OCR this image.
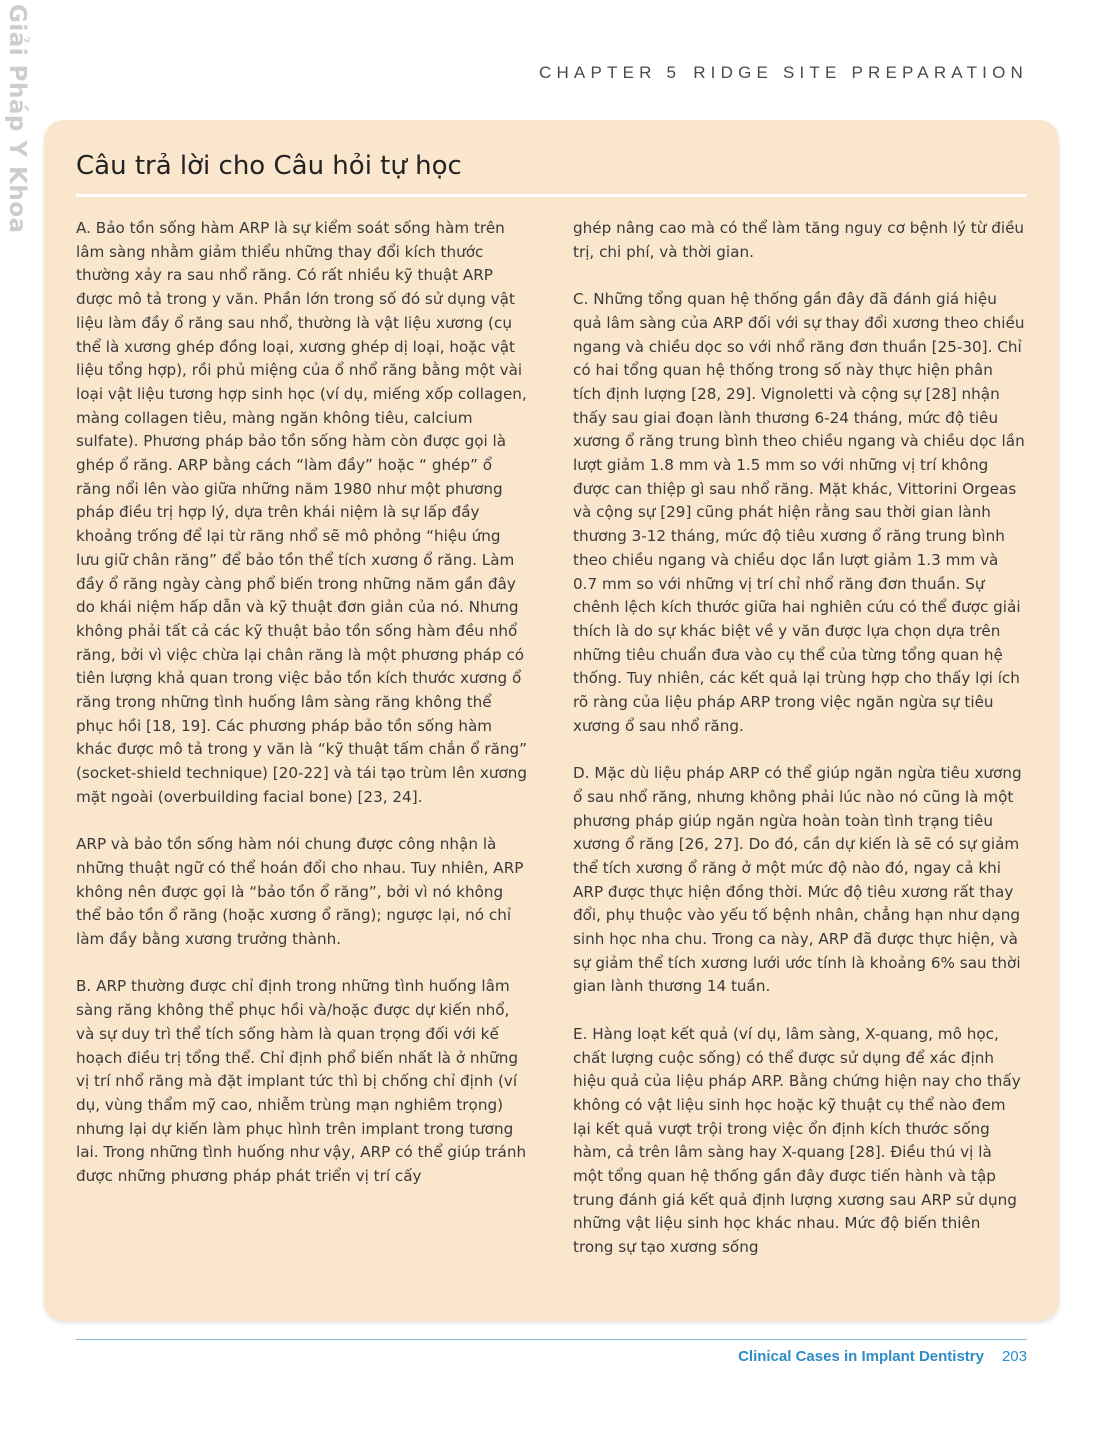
Giải Pháp Y Khoa	CHAPTER 5 RIDGE SITE PREPARATION
Câu trả lời cho Câu hỏi tự học

A. Bảo tồn sống hàm ARP là sự kiểm soát sống hàm trên lâm sàng nhằm giảm thiểu những thay đổi kích thước thường xảy ra sau nhổ răng. Có rất nhiều kỹ thuật ARP được mô tả trong y văn. Phần lớn trong số đó sử dụng vật liệu làm đầy ổ răng sau nhổ, thường là vật liệu xương (cụ thể là xương ghép đồng loại, xương ghép dị loại, hoặc vật liệu tổng hợp), rồi phủ miệng của ổ nhổ răng bằng một vài loại vật liệu tương hợp sinh học (ví dụ, miếng xốp collagen, màng collagen tiêu, màng ngăn không tiêu, calcium sulfate). Phương pháp bảo tồn sống hàm còn được gọi là ghép ổ răng. ARP bằng cách “làm đầy” hoặc “ ghép” ổ răng nổi lên vào giữa những năm 1980 như một phương pháp điều trị hợp lý, dựa trên khái niệm là sự lấp đầy khoảng trống để lại từ răng nhổ sẽ mô phỏng “hiệu ứng lưu giữ chân răng” để bảo tồn thể tích xương ổ răng. Làm đầy ổ răng ngày càng phổ biến trong những năm gần đây do khái niệm hấp dẫn và kỹ thuật đơn giản của nó. Nhưng không phải tất cả các kỹ thuật bảo tồn sống hàm đều nhổ răng, bởi vì việc chừa lại chân răng là một phương pháp có tiên lượng khả quan trong việc bảo tồn kích thước xương ổ răng trong những tình huống lâm sàng răng không thể phục hồi [18, 19]. Các phương pháp bảo tồn sống hàm khác được mô tả trong y văn là “kỹ thuật tấm chắn ổ răng” (socket-shield technique) [20-22] và tái tạo trùm lên xương mặt ngoài (overbuilding facial bone) [23, 24].

ARP và bảo tồn sống hàm nói chung được công nhận là những thuật ngữ có thể hoán đổi cho nhau. Tuy nhiên, ARP không nên được gọi là “bảo tồn ổ răng”, bởi vì nó không thể bảo tồn ổ răng (hoặc xương ổ răng); ngược lại, nó chỉ làm đầy bằng xương trưởng thành.

B. ARP thường được chỉ định trong những tình huống lâm sàng răng không thể phục hồi và/hoặc được dự kiến nhổ, và sự duy trì thể tích sống hàm là quan trọng đối với kế hoạch điều trị tổng thể. Chỉ định phổ biến nhất là ở những vị trí nhổ răng mà đặt implant tức thì bị chống chỉ định (ví dụ, vùng thẩm mỹ cao, nhiễm trùng mạn nghiêm trọng) nhưng lại dự kiến làm phục hình trên implant trong tương lai. Trong những tình huống như vậy, ARP có thể giúp tránh được những phương pháp phát triển vị trí cấy

ghép nâng cao mà có thể làm tăng nguy cơ bệnh lý từ điều trị, chi phí, và thời gian.

C. Những tổng quan hệ thống gần đây đã đánh giá hiệu quả lâm sàng của ARP đối với sự thay đổi xương theo chiều ngang và chiều dọc so với nhổ răng đơn thuần [25-30]. Chỉ có hai tổng quan hệ thống trong số này thực hiện phân tích định lượng [28, 29]. Vignoletti và cộng sự [28] nhận thấy sau giai đoạn lành thương 6-24 tháng, mức độ tiêu xương ổ răng trung bình theo chiều ngang và chiều dọc lần lượt giảm 1.8 mm và 1.5 mm so với những vị trí không được can thiệp gì sau nhổ răng. Mặt khác, Vittorini Orgeas và cộng sự [29] cũng phát hiện rằng sau thời gian lành thương 3-12 tháng, mức độ tiêu xương ổ răng trung bình theo chiều ngang và chiều dọc lần lượt giảm 1.3 mm và 0.7 mm so với những vị trí chỉ nhổ răng đơn thuần. Sự chênh lệch kích thước giữa hai nghiên cứu có thể được giải thích là do sự khác biệt về y văn được lựa chọn dựa trên những tiêu chuẩn đưa vào cụ thể của từng tổng quan hệ thống. Tuy nhiên, các kết quả lại trùng hợp cho thấy lợi ích rõ ràng của liệu pháp ARP trong việc ngăn ngừa sự tiêu xương ổ sau nhổ răng.

D. Mặc dù liệu pháp ARP có thể giúp ngăn ngừa tiêu xương ổ sau nhổ răng, nhưng không phải lúc nào nó cũng là một phương pháp giúp ngăn ngừa hoàn toàn tình trạng tiêu xương ổ răng [26, 27]. Do đó, cần dự kiến là sẽ có sự giảm thể tích xương ổ răng ở một mức độ nào đó, ngay cả khi ARP được thực hiện đồng thời. Mức độ tiêu xương rất thay đổi, phụ thuộc vào yếu tố bệnh nhân, chẳng hạn như dạng sinh học nha chu. Trong ca này, ARP đã được thực hiện, và sự giảm thể tích xương lưới ước tính là khoảng 6% sau thời gian lành thương 14 tuần.

E. Hàng loạt kết quả (ví dụ, lâm sàng, X-quang, mô học, chất lượng cuộc sống) có thể được sử dụng để xác định hiệu quả của liệu pháp ARP. Bằng chứng hiện nay cho thấy không có vật liệu sinh học hoặc kỹ thuật cụ thể nào đem lại kết quả vượt trội trong việc ổn định kích thước sống hàm, cả trên lâm sàng hay X-quang [28]. Điều thú vị là một tổng quan hệ thống gần đây được tiến hành và tập trung đánh giá kết quả định lượng xương sau ARP sử dụng những vật liệu sinh học khác nhau. Mức độ biến thiên trong sự tạo xương sống

Clinical Cases in Implant Dentistry 203
